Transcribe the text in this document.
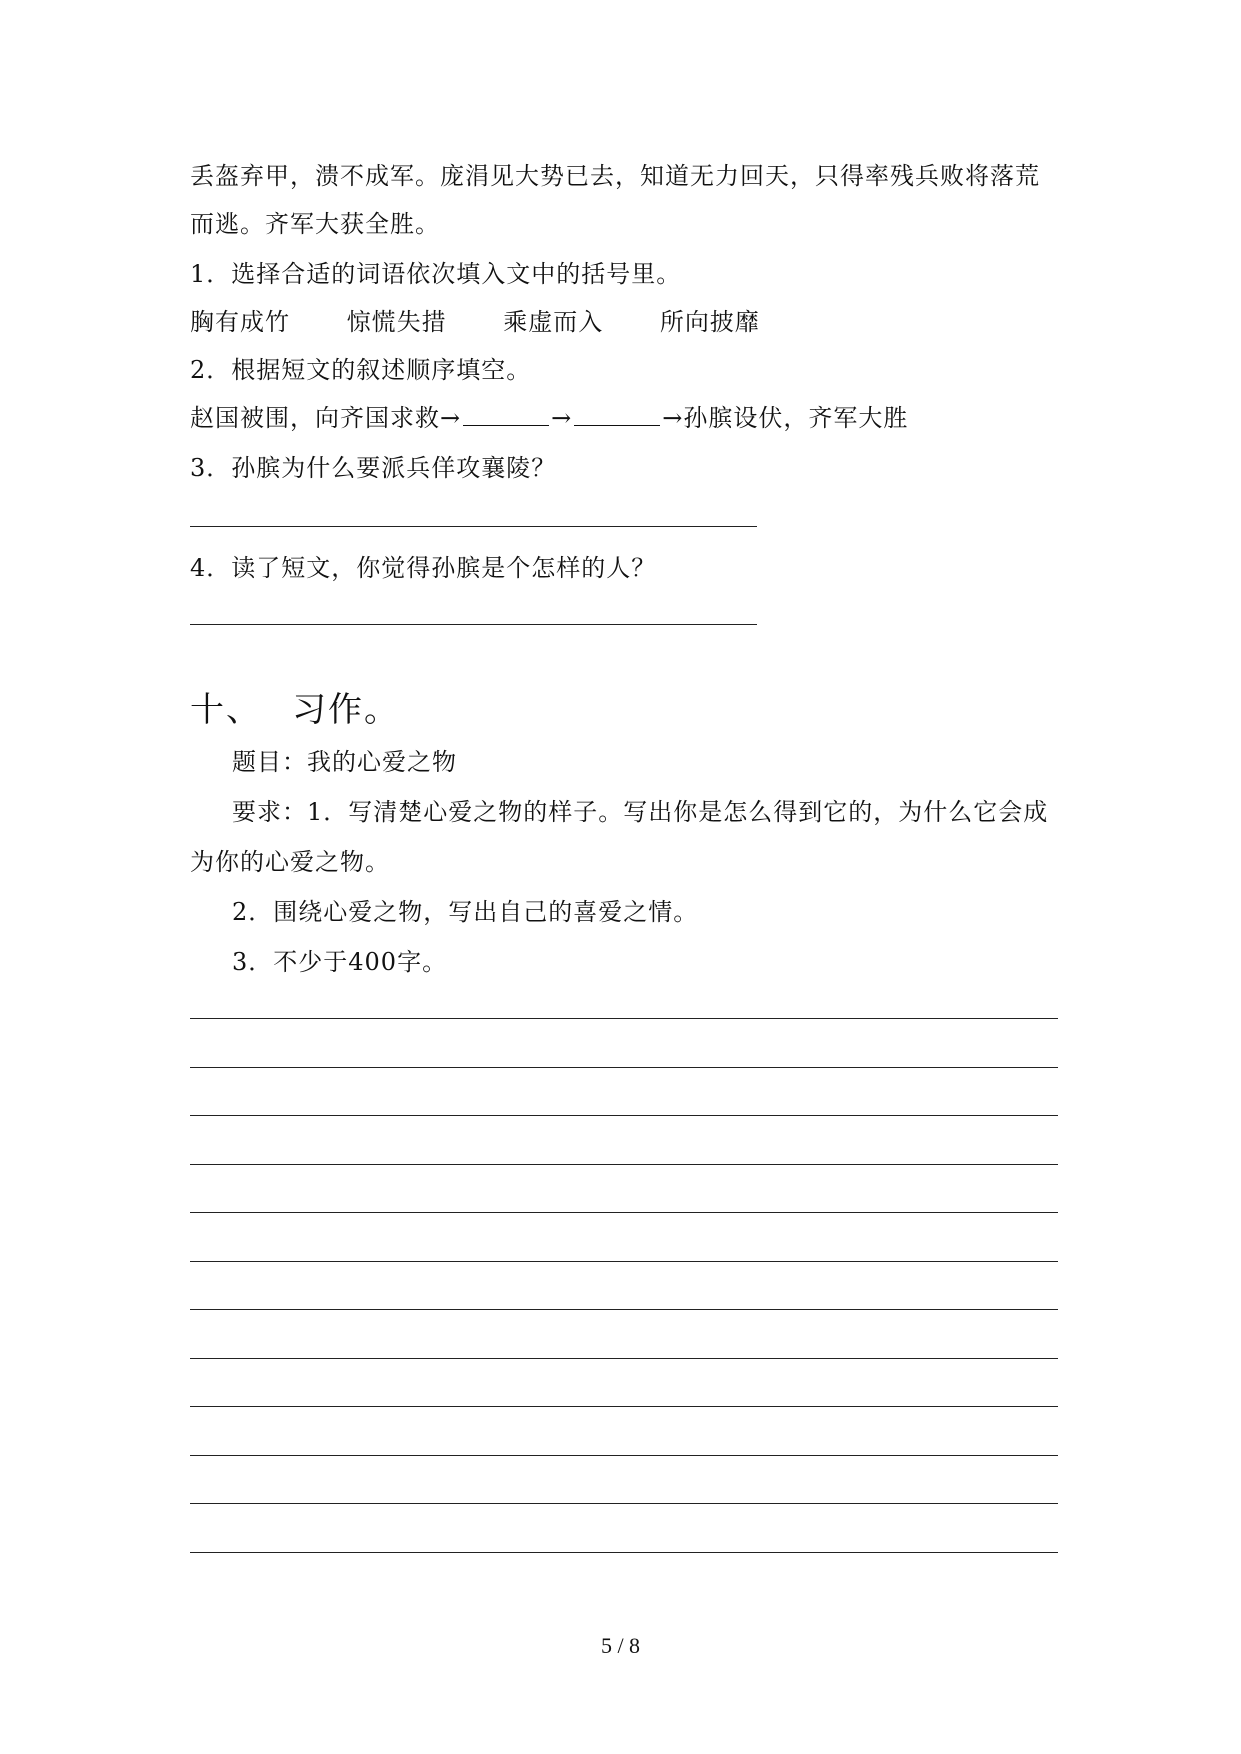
丢盔弃甲，溃不成军。庞涓见大势已去，知道无力回天，只得率残兵败将落荒
而逃。齐军大获全胜。
1．选择合适的词语依次填入文中的括号里。
胸有成竹 惊慌失措 乘虚而入 所向披靡
2．根据短文的叙述顺序填空。
赵国被围，向齐国求救→	→	→孙膑设伏，齐军大胜
3．孙膑为什么要派兵佯攻襄陵？
4．读了短文，你觉得孙膑是个怎样的人？
十、 习作。
题目：我的心爱之物
要求：1．写清楚心爱之物的样子。写出你是怎么得到它的，为什么它会成
为你的心爱之物。
2．围绕心爱之物，写出自己的喜爱之情。
3．不少于400字。
5 / 8
